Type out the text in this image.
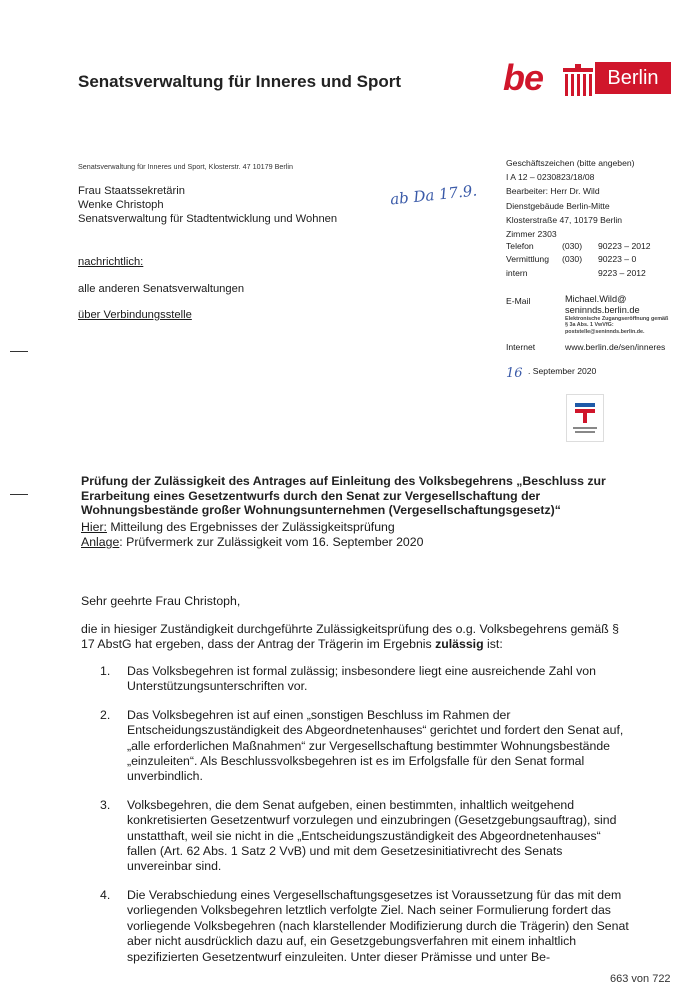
Senatsverwaltung für Inneres und Sport	be	Berlin
Senatsverwaltung für Inneres und Sport, Klosterstr. 47 10179 Berlin
Frau Staatssekretärin
Wenke Christoph
Senatsverwaltung für Stadtentwicklung und Wohnen
ab Da 17.9.
nachrichtlich:
alle anderen Senatsverwaltungen
über Verbindungsstelle
Geschäftszeichen (bitte angeben)
I A 12 – 0230823/18/08
Bearbeiter: Herr Dr. Wild
Dienstgebäude Berlin-Mitte
Klosterstraße 47, 10179 Berlin
Zimmer 2303
Telefon	(030) 90223 – 2012
Vermittlung (030) 90223 – 0
intern	9223 – 2012
E-Mail	Michael.Wild@
seninnds.berlin.de
Elektronische Zugangseröffnung gemäß
§ 3a Abs. 1 VwVfG:
poststelle@seninnds.berlin.de.
Internet	www.berlin.de/sen/inneres
16 . September 2020
Prüfung der Zulässigkeit des Antrages auf Einleitung des Volksbegehrens „Beschluss zur Erarbeitung eines Gesetzentwurfs durch den Senat zur Vergesellschaftung der Wohnungsbestände großer Wohnungsunternehmen (Vergesellschaftungsgesetz)“
Hier: Mitteilung des Ergebnisses der Zulässigkeitsprüfung
Anlage: Prüfvermerk zur Zulässigkeit vom 16. September 2020
Sehr geehrte Frau Christoph,
die in hiesiger Zuständigkeit durchgeführte Zulässigkeitsprüfung des o.g. Volksbegehrens gemäß § 17 AbstG hat ergeben, dass der Antrag der Trägerin im Ergebnis zulässig ist:
1. Das Volksbegehren ist formal zulässig; insbesondere liegt eine ausreichende Zahl von Unterstützungsunterschriften vor.
2. Das Volksbegehren ist auf einen „sonstigen Beschluss im Rahmen der Entscheidungszuständigkeit des Abgeordnetenhauses“ gerichtet und fordert den Senat auf, „alle erforderlichen Maßnahmen“ zur Vergesellschaftung bestimmter Wohnungsbestände „einzuleiten“. Als Beschlussvolksbegehren ist es im Erfolgsfalle für den Senat formal unverbindlich.
3. Volksbegehren, die dem Senat aufgeben, einen bestimmten, inhaltlich weitgehend konkretisierten Gesetzentwurf vorzulegen und einzubringen (Gesetzgebungsauftrag), sind unstatthaft, weil sie nicht in die „Entscheidungszuständigkeit des Abgeordnetenhauses“ fallen (Art. 62 Abs. 1 Satz 2 VvB) und mit dem Gesetzesinitiativrecht des Senats unvereinbar sind.
4. Die Verabschiedung eines Vergesellschaftungsgesetzes ist Voraussetzung für das mit dem vorliegenden Volksbegehren letztlich verfolgte Ziel. Nach seiner Formulierung fordert das vorliegende Volksbegehren (nach klarstellender Modifizierung durch die Trägerin) den Senat aber nicht ausdrücklich dazu auf, ein Gesetzgebungsverfahren mit einem inhaltlich spezifizierten Gesetzentwurf einzuleiten. Unter dieser Prämisse und unter Be-
663 von 722
